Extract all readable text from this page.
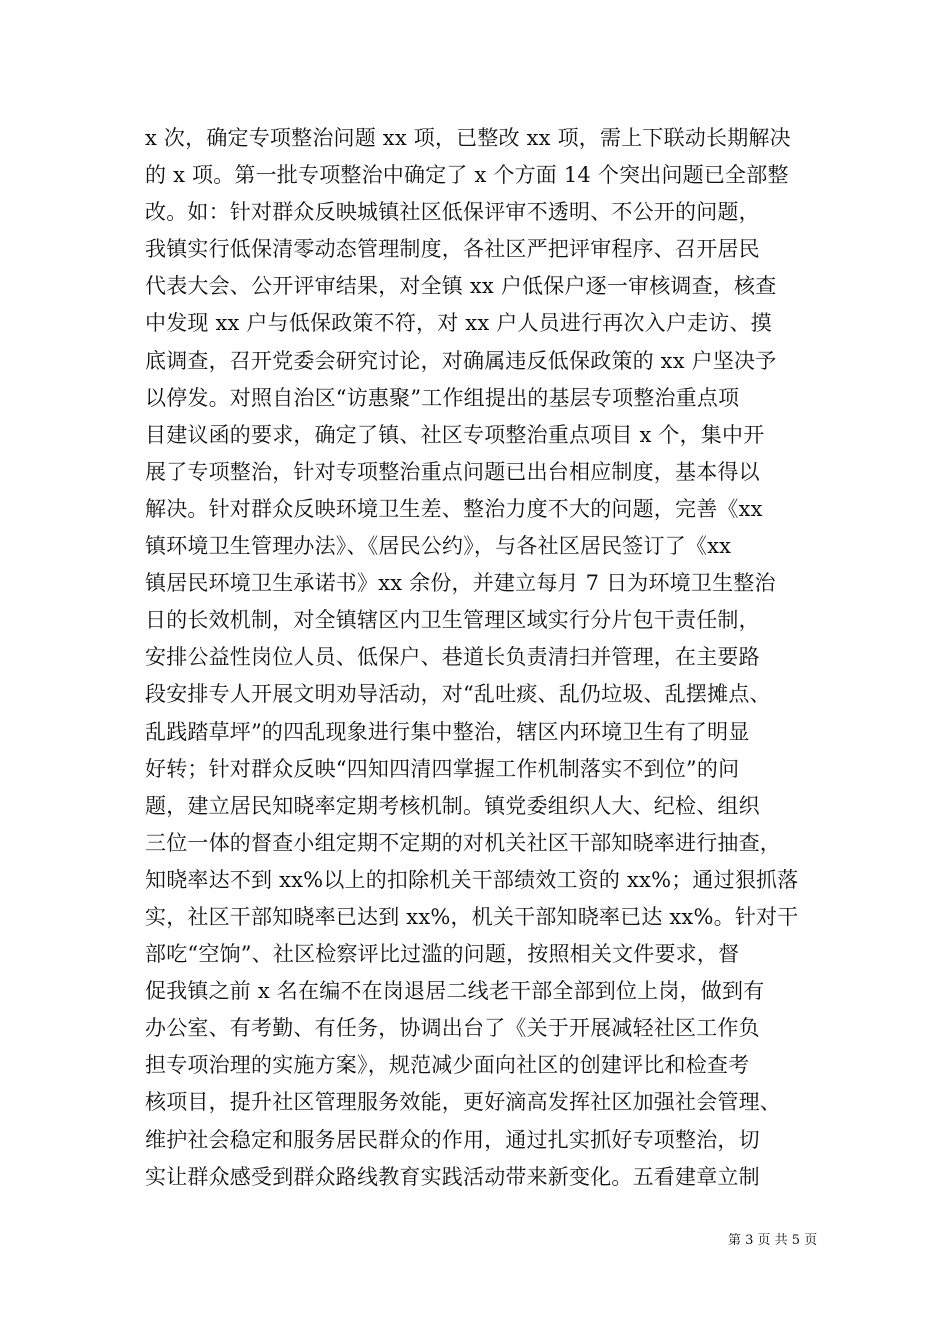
x 次，确定专项整治问题 xx 项，已整改 xx 项，需上下联动长期解决
的 x 项。第一批专项整治中确定了 x 个方面 14 个突出问题已全部整
改。如：针对群众反映城镇社区低保评审不透明、不公开的问题，
我镇实行低保清零动态管理制度，各社区严把评审程序、召开居民
代表大会、公开评审结果，对全镇 xx 户低保户逐一审核调查，核查
中发现 xx 户与低保政策不符，对 xx 户人员进行再次入户走访、摸
底调查，召开党委会研究讨论，对确属违反低保政策的 xx 户坚决予
以停发。对照自治区“访惠聚”工作组提出的基层专项整治重点项
目建议函的要求，确定了镇、社区专项整治重点项目 x 个，集中开
展了专项整治，针对专项整治重点问题已出台相应制度，基本得以
解决。针对群众反映环境卫生差、整治力度不大的问题，完善《xx
镇环境卫生管理办法》、《居民公约》，与各社区居民签订了《xx
镇居民环境卫生承诺书》xx 余份，并建立每月 7 日为环境卫生整治
日的长效机制，对全镇辖区内卫生管理区域实行分片包干责任制，
安排公益性岗位人员、低保户、巷道长负责清扫并管理，在主要路
段安排专人开展文明劝导活动，对“乱吐痰、乱仍垃圾、乱摆摊点、
乱践踏草坪”的四乱现象进行集中整治，辖区内环境卫生有了明显
好转；针对群众反映“四知四清四掌握工作机制落实不到位”的问
题，建立居民知晓率定期考核机制。镇党委组织人大、纪检、组织
三位一体的督查小组定期不定期的对机关社区干部知晓率进行抽查，
知晓率达不到 xx%以上的扣除机关干部绩效工资的 xx%；通过狠抓落
实，社区干部知晓率已达到 xx%，机关干部知晓率已达 xx%。针对干
部吃“空饷”、社区检察评比过滥的问题，按照相关文件要求，督
促我镇之前 x 名在编不在岗退居二线老干部全部到位上岗，做到有
办公室、有考勤、有任务，协调出台了《关于开展减轻社区工作负
担专项治理的实施方案》，规范减少面向社区的创建评比和检查考
核项目，提升社区管理服务效能，更好滴高发挥社区加强社会管理、
维护社会稳定和服务居民群众的作用，通过扎实抓好专项整治，切
实让群众感受到群众路线教育实践活动带来新变化。五看建章立制
第 3 页 共 5 页
